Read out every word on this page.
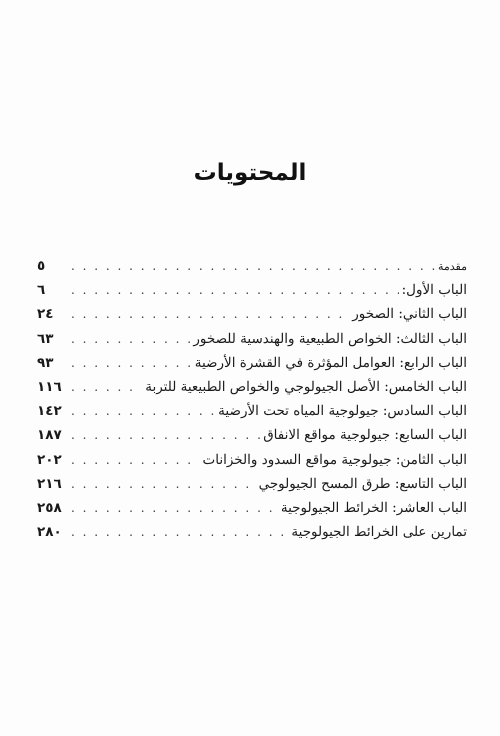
المحتويات
مقدمة
. . .
٥
الباب الأول:
. . .
٦
الباب الثاني: الصخور
. . .
٢٤
الباب الثالث: الخواص الطبيعية والهندسية للصخور
. . .
٦٣
الباب الرابع: العوامل المؤثرة في القشرة الأرضية
. . .
٩٣
الباب الخامس: الأصل الجيولوجي والخواص الطبيعية للتربة
. . .
١١٦
الباب السادس: جيولوجية المياه تحت الأرضية
. . .
١٤٢
الباب السابع: جيولوجية مواقع الانفاق
. . .
١٨٧
الباب الثامن: جيولوجية مواقع السدود والخزانات
. . .
٢٠٢
الباب التاسع: طرق المسح الجيولوجي
. . .
٢١٦
الباب العاشر: الخرائط الجيولوجية
. . .
٢٥٨
تمارين على الخرائط الجيولوجية
. . .
٢٨٠
